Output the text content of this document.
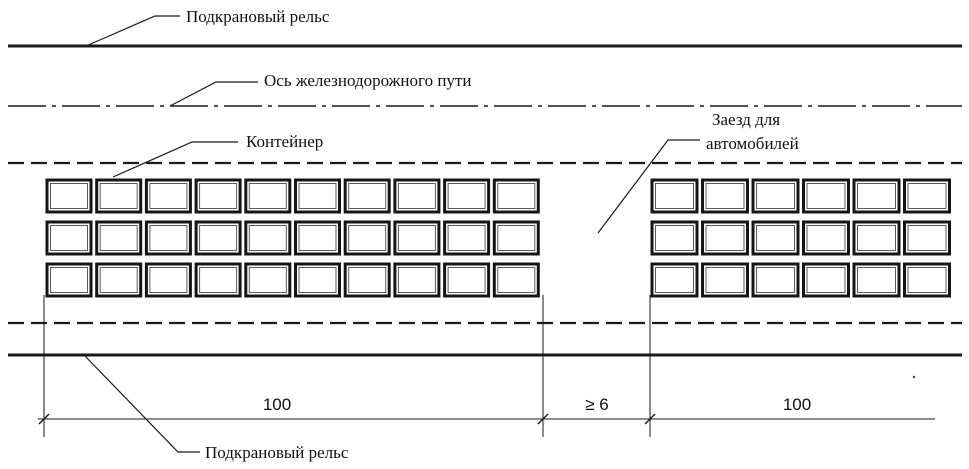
Подкрановый рельс
Ось железнодорожного пути
Контейнер
Заезд для
автомобилей
Подкрановый рельс
100	≥ 6	100
